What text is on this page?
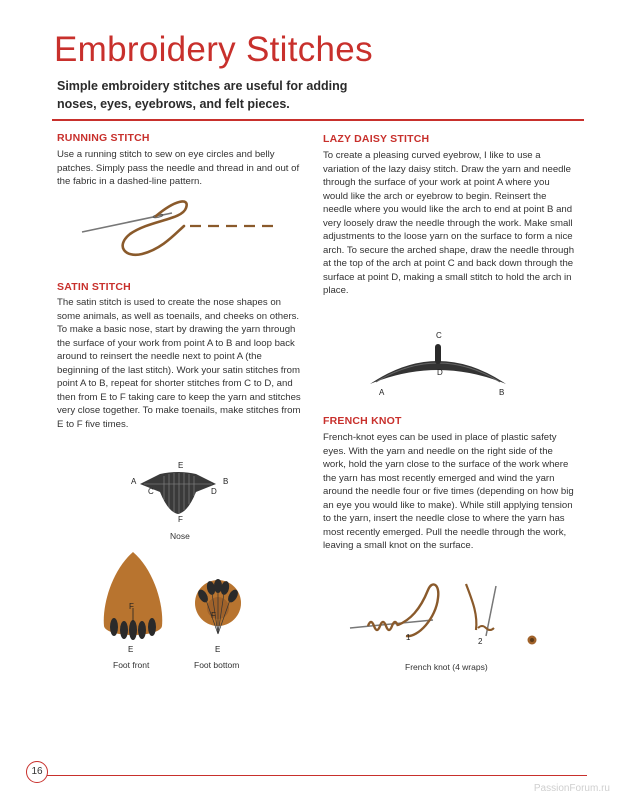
Embroidery Stitches
Simple embroidery stitches are useful for adding noses, eyes, eyebrows, and felt pieces.
RUNNING STITCH
Use a running stitch to sew on eye circles and belly patches. Simply pass the needle and thread in and out of the fabric in a dashed-line pattern.
SATIN STITCH
The satin stitch is used to create the nose shapes on some animals, as well as toenails, and cheeks on others. To make a basic nose, start by drawing the yarn through the surface of your work from point A to B and loop back around to reinsert the needle next to point A (the beginning of the last stitch). Work your satin stitches from point A to B, repeat for shorter stitches from C to D, and then from E to F taking care to keep the yarn and stitches very close together. To make toenails, make stitches from E to F five times.
E
A	B
C	D
F
Nose
F
E
Foot front
F
E
Foot bottom
LAZY DAISY STITCH
To create a pleasing curved eyebrow, I like to use a variation of the lazy daisy stitch. Draw the yarn and needle through the surface of your work at point A where you would like the arch or eyebrow to begin. Reinsert the needle where you would like the arch to end at point B and very loosely draw the needle through the work. Make small adjustments to the loose yarn on the surface to form a nice arch. To secure the arched shape, draw the needle through at the top of the arch at point C and back down through the surface at point D, making a small stitch to hold the arch in place.
C
D
A	B
FRENCH KNOT
French-knot eyes can be used in place of plastic safety eyes. With the yarn and needle on the right side of the work, hold the yarn close to the surface of the work where the yarn has most recently emerged and wind the yarn around the needle four or five times (depending on how big an eye you would like to make). While still applying tension to the yarn, insert the needle close to where the yarn has most recently emerged. Pull the needle through the work, leaving a small knot on the surface.
1	2
French knot (4 wraps)
16
PassionForum.ru
